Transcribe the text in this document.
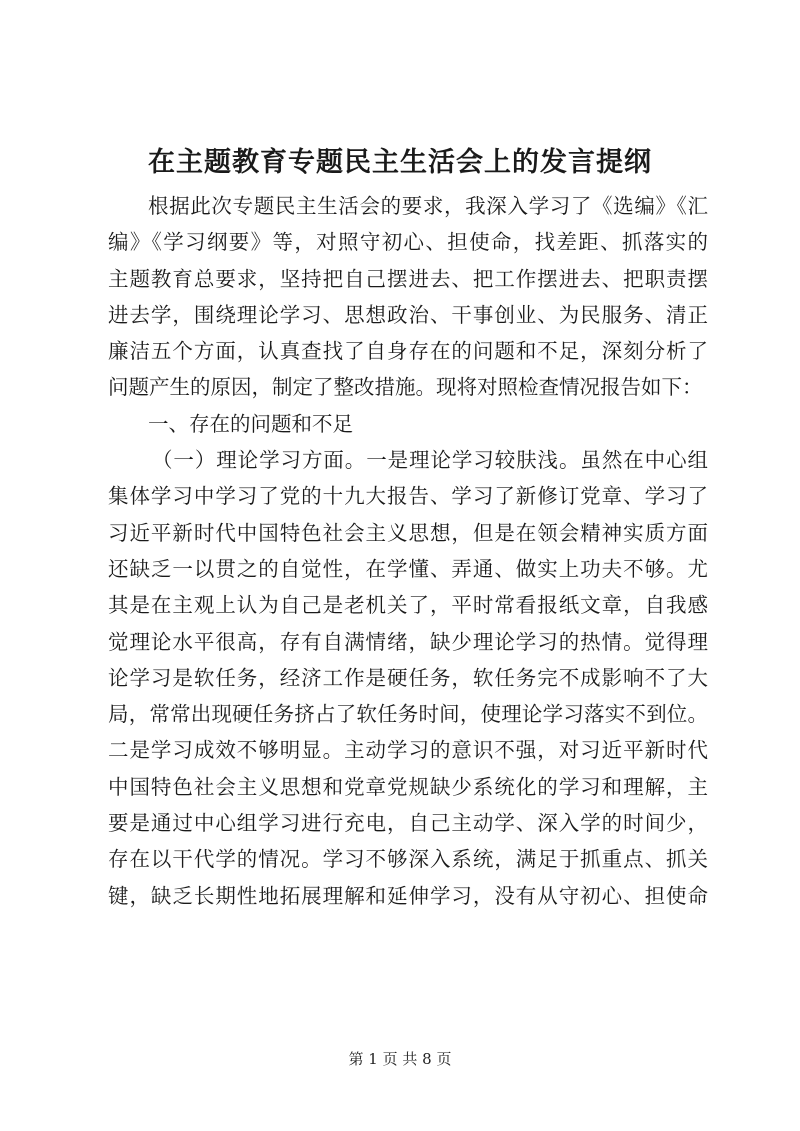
在主题教育专题民主生活会上的发言提纲
根据此次专题民主生活会的要求，我深入学习了《选编》《汇
编》《学习纲要》等，对照守初心、担使命，找差距、抓落实的
主题教育总要求，坚持把自己摆进去、把工作摆进去、把职责摆
进去学，围绕理论学习、思想政治、干事创业、为民服务、清正
廉洁五个方面，认真查找了自身存在的问题和不足，深刻分析了
问题产生的原因，制定了整改措施。现将对照检查情况报告如下：
一、存在的问题和不足
（一）理论学习方面。一是理论学习较肤浅。虽然在中心组
集体学习中学习了党的十九大报告、学习了新修订党章、学习了
习近平新时代中国特色社会主义思想，但是在领会精神实质方面
还缺乏一以贯之的自觉性，在学懂、弄通、做实上功夫不够。尤
其是在主观上认为自己是老机关了，平时常看报纸文章，自我感
觉理论水平很高，存有自满情绪，缺少理论学习的热情。觉得理
论学习是软任务，经济工作是硬任务，软任务完不成影响不了大
局，常常出现硬任务挤占了软任务时间，使理论学习落实不到位。
二是学习成效不够明显。主动学习的意识不强，对习近平新时代
中国特色社会主义思想和党章党规缺少系统化的学习和理解，主
要是通过中心组学习进行充电，自己主动学、深入学的时间少，
存在以干代学的情况。学习不够深入系统，满足于抓重点、抓关
键，缺乏长期性地拓展理解和延伸学习，没有从守初心、担使命
第 1 页 共 8 页
